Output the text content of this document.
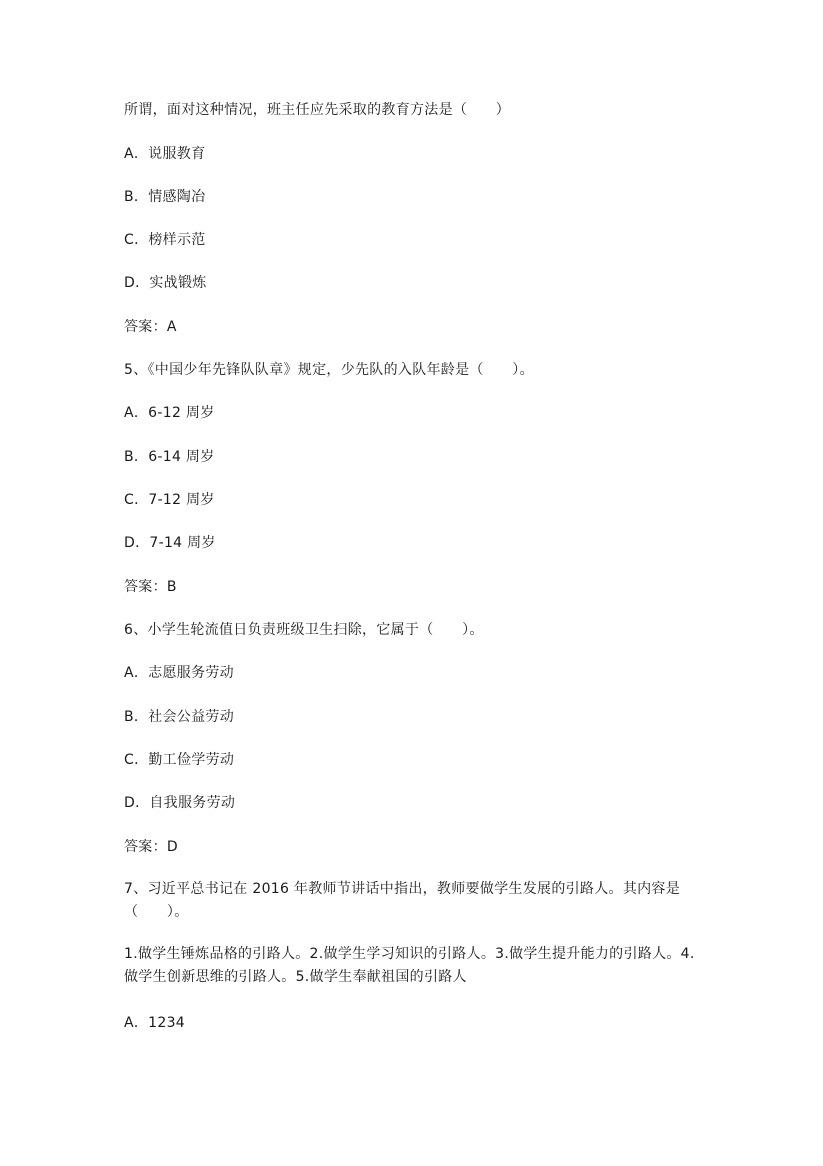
所谓，面对这种情况，班主任应先采取的教育方法是（　　）
A．说服教育
B．情感陶冶
C．榜样示范
D．实战锻炼
答案：A
5、《中国少年先锋队队章》规定，少先队的入队年龄是（　　）。
A．6-12 周岁
B．6-14 周岁
C．7-12 周岁
D．7-14 周岁
答案：B
6、小学生轮流值日负责班级卫生扫除，它属于（　　）。
A．志愿服务劳动
B．社会公益劳动
C．勤工俭学劳动
D．自我服务劳动
答案：D
7、习近平总书记在 2016 年教师节讲话中指出，教师要做学生发展的引路人。其内容是（　　）。
1.做学生锤炼品格的引路人。2.做学生学习知识的引路人。3.做学生提升能力的引路人。4.做学生创新思维的引路人。5.做学生奉献祖国的引路人
A．1234
